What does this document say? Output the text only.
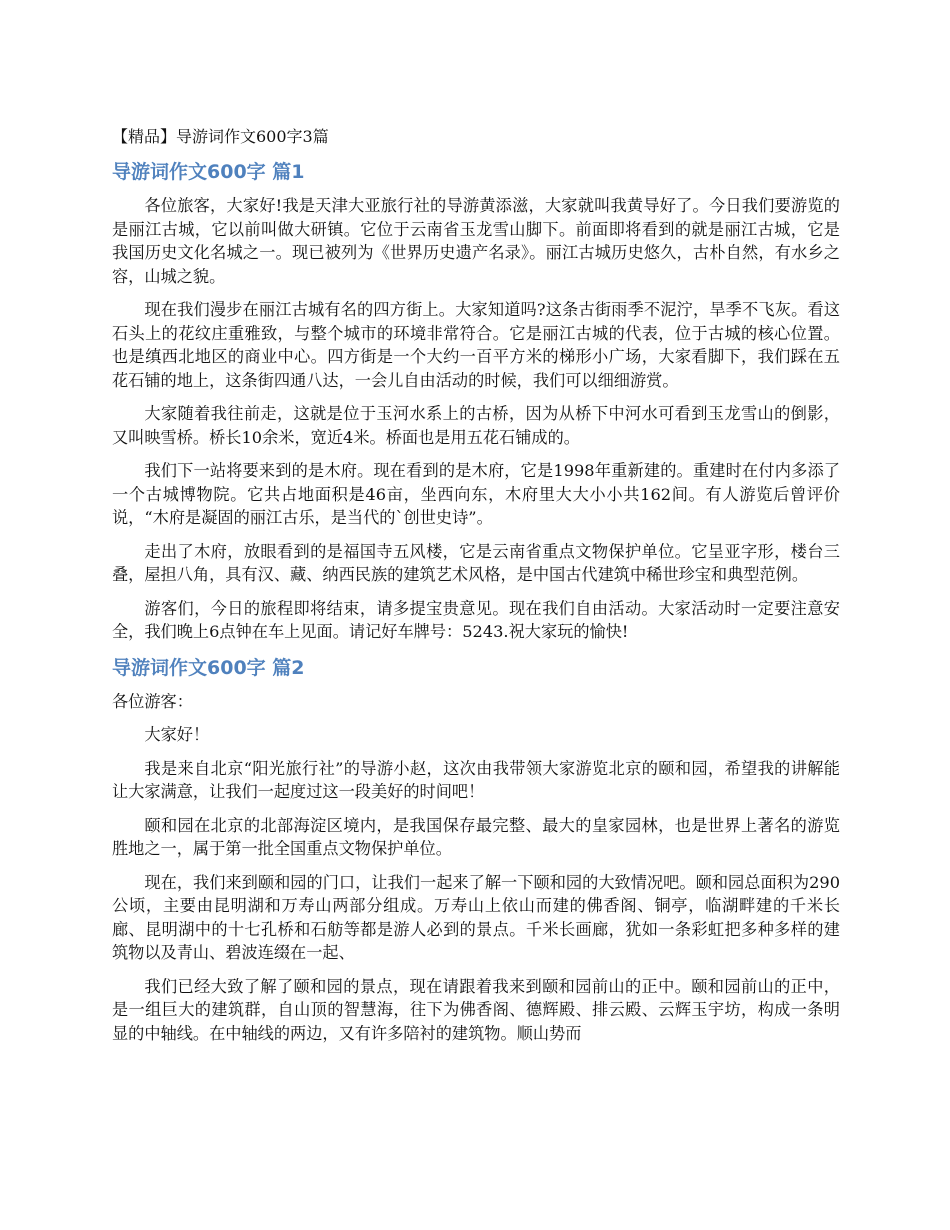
【精品】导游词作文600字3篇
导游词作文600字 篇1

各位旅客，大家好!我是天津大亚旅行社的导游黄添滋，大家就叫我黄导好了。今日我们要游览的是丽江古城，它以前叫做大研镇。它位于云南省玉龙雪山脚下。前面即将看到的就是丽江古城，它是我国历史文化名城之一。现已被列为《世界历史遗产名录》。丽江古城历史悠久，古朴自然，有水乡之容，山城之貌。

现在我们漫步在丽江古城有名的四方街上。大家知道吗?这条古街雨季不泥泞，旱季不飞灰。看这石头上的花纹庄重雅致，与整个城市的环境非常符合。它是丽江古城的代表，位于古城的核心位置。也是缜西北地区的商业中心。四方街是一个大约一百平方米的梯形小广场，大家看脚下，我们踩在五花石铺的地上，这条街四通八达，一会儿自由活动的时候，我们可以细细游赏。

大家随着我往前走，这就是位于玉河水系上的古桥，因为从桥下中河水可看到玉龙雪山的倒影，又叫映雪桥。桥长10余米，宽近4米。桥面也是用五花石铺成的。

我们下一站将要来到的是木府。现在看到的是木府，它是1998年重新建的。重建时在付内多添了一个古城博物院。它共占地面积是46亩，坐西向东，木府里大大小小共162间。有人游览后曾评价说，“木府是凝固的丽江古乐，是当代的`创世史诗”。

走出了木府，放眼看到的是福国寺五风楼，它是云南省重点文物保护单位。它呈亚字形，楼台三叠，屋担八角，具有汉、藏、纳西民族的建筑艺术风格，是中国古代建筑中稀世珍宝和典型范例。

游客们，今日的旅程即将结束，请多提宝贵意见。现在我们自由活动。大家活动时一定要注意安全，我们晚上6点钟在车上见面。请记好车牌号：5243.祝大家玩的愉快!

导游词作文600字 篇2

各位游客：

大家好！

我是来自北京“阳光旅行社”的导游小赵，这次由我带领大家游览北京的颐和园，希望我的讲解能让大家满意，让我们一起度过这一段美好的时间吧！

颐和园在北京的北部海淀区境内，是我国保存最完整、最大的皇家园林，也是世界上著名的游览胜地之一，属于第一批全国重点文物保护单位。

现在，我们来到颐和园的门口，让我们一起来了解一下颐和园的大致情况吧。颐和园总面积为290公顷，主要由昆明湖和万寿山两部分组成。万寿山上依山而建的佛香阁、铜亭，临湖畔建的千米长廊、昆明湖中的十七孔桥和石舫等都是游人必到的景点。千米长画廊，犹如一条彩虹把多种多样的建筑物以及青山、碧波连缀在一起、

我们已经大致了解了颐和园的景点，现在请跟着我来到颐和园前山的正中。颐和园前山的正中，是一组巨大的建筑群，自山顶的智慧海，往下为佛香阁、德辉殿、排云殿、云辉玉宇坊，构成一条明显的中轴线。在中轴线的两边，又有许多陪衬的建筑物。顺山势而
